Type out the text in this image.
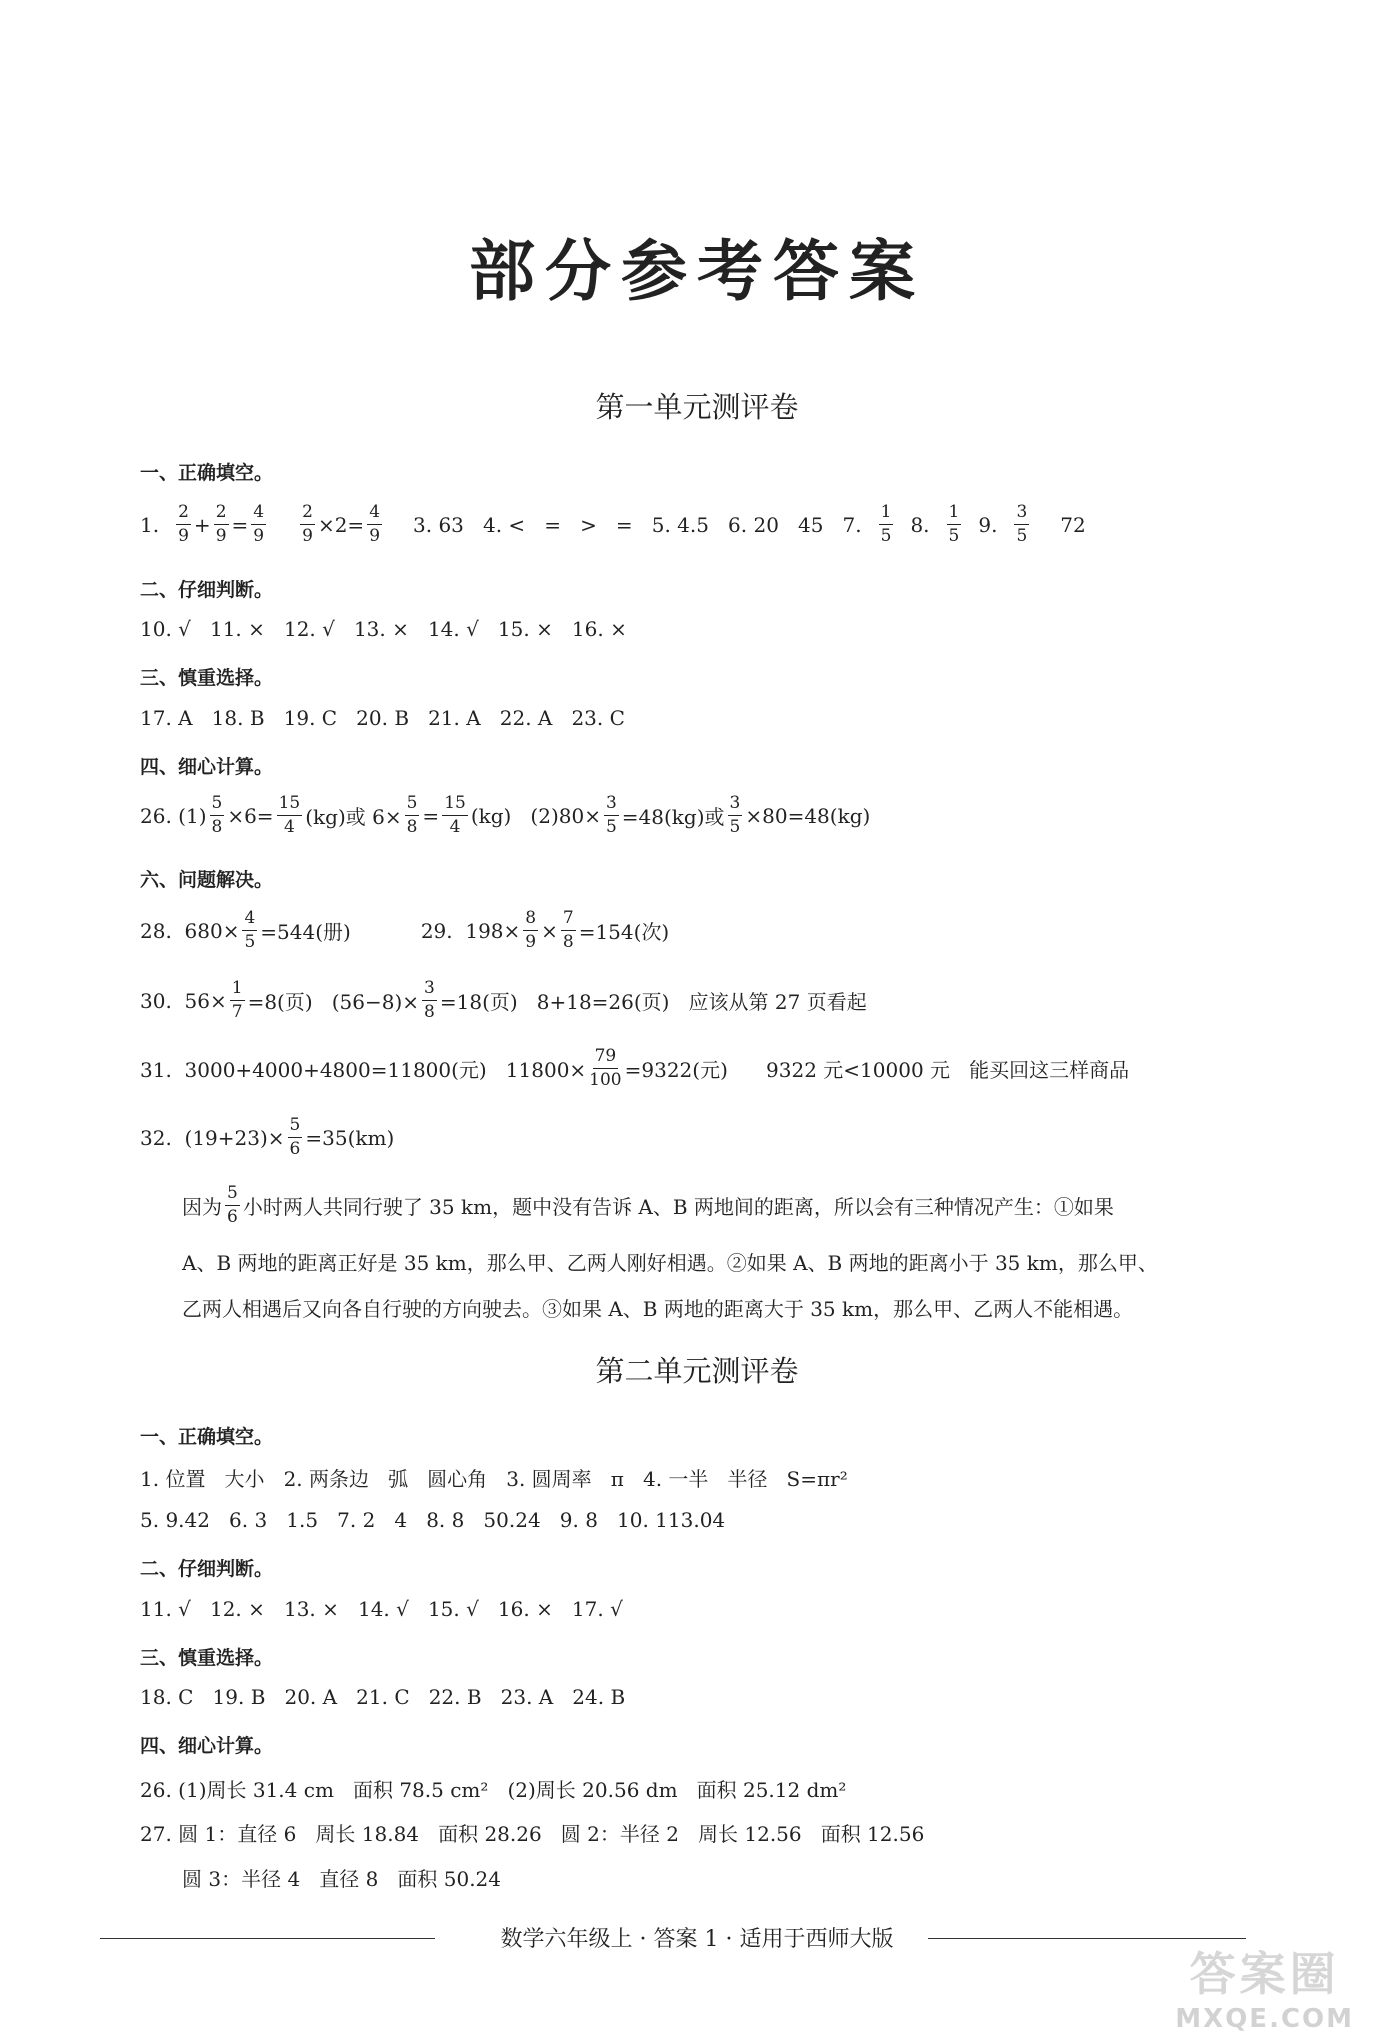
部分参考答案
第一单元测评卷
一、正确填空。
1. $\frac{2}{9} + \frac{2}{9} = \frac{4}{9} \frac{2}{9} \times 2= \frac{4}{9} 3$. 63   4. <   =   >   =   5. 4.5   6. 20   45   7. $\frac{1}{5} 8$. $\frac{1}{5} 9$. $\frac{3}{5} 72$
二、仔细判断。
10. √   11. ×   12. √   13. ×   14. √   15. ×   16. ×
三、慎重选择。
17. A   18. B   19. C   20. B   21. A   22. A   23. C
四、细心计算。
26. $(1) \frac{5}{8} \times 6= \frac{15}{4} (kg)$或 $6\times \frac{5}{8} = \frac{15}{4} (kg)$   $(2)80\times \frac{3}{5} =48(kg)$或 $\frac{3}{5} \times 80=48(kg)$
六、问题解决。
28.  $680\times \frac{4}{5} =544$(册)	29.  $198\times \frac{8}{9} \times \frac{7}{8} =154$(次)
30.  $56\times \frac{1}{7} =8$(页)   $(56-8)\times \frac{3}{8} =18$(页)   8+18=26(页)   应该从第 27 页看起
31.  3000+4000+4800=11800(元)   $11800\times \frac{79}{100} =9322$(元)      9322 元<10000 元   能买回这三样商品
32.  $(19+23)\times \frac{5}{6} =35(km)$
因为 $\frac{5}{6}$ 小时两人共同行驶了 35 km，题中没有告诉 A、B 两地间的距离，所以会有三种情况产生：①如果
A、B 两地的距离正好是 35 km，那么甲、乙两人刚好相遇。②如果 A、B 两地的距离小于 35 km，那么甲、
乙两人相遇后又向各自行驶的方向驶去。③如果 A、B 两地的距离大于 35 km，那么甲、乙两人不能相遇。
第二单元测评卷
一、正确填空。
1. 位置   大小   2. 两条边   弧   圆心角   3. 圆周率   π   4. 一半   半径   S=πr²
5. 9.42   6. 3   1.5   7. 2   4   8. 8   50.24   9. 8   10. 113.04
二、仔细判断。
11. √   12. ×   13. ×   14. √   15. √   16. ×   17. √
三、慎重选择。
18. C   19. B   20. A   21. C   22. B   23. A   24. B
四、细心计算。
26. (1)周长 31.4 cm   面积 78.5 cm²   (2)周长 20.56 dm   面积 25.12 dm²
27. 圆 1：直径 6   周长 18.84   面积 28.26   圆 2：半径 2   周长 12.56   面积 12.56
圆 3：半径 4   直径 8   面积 50.24
数学六年级上 · 答案 1 · 适用于西师大版
答案圈
MXQE.COM
